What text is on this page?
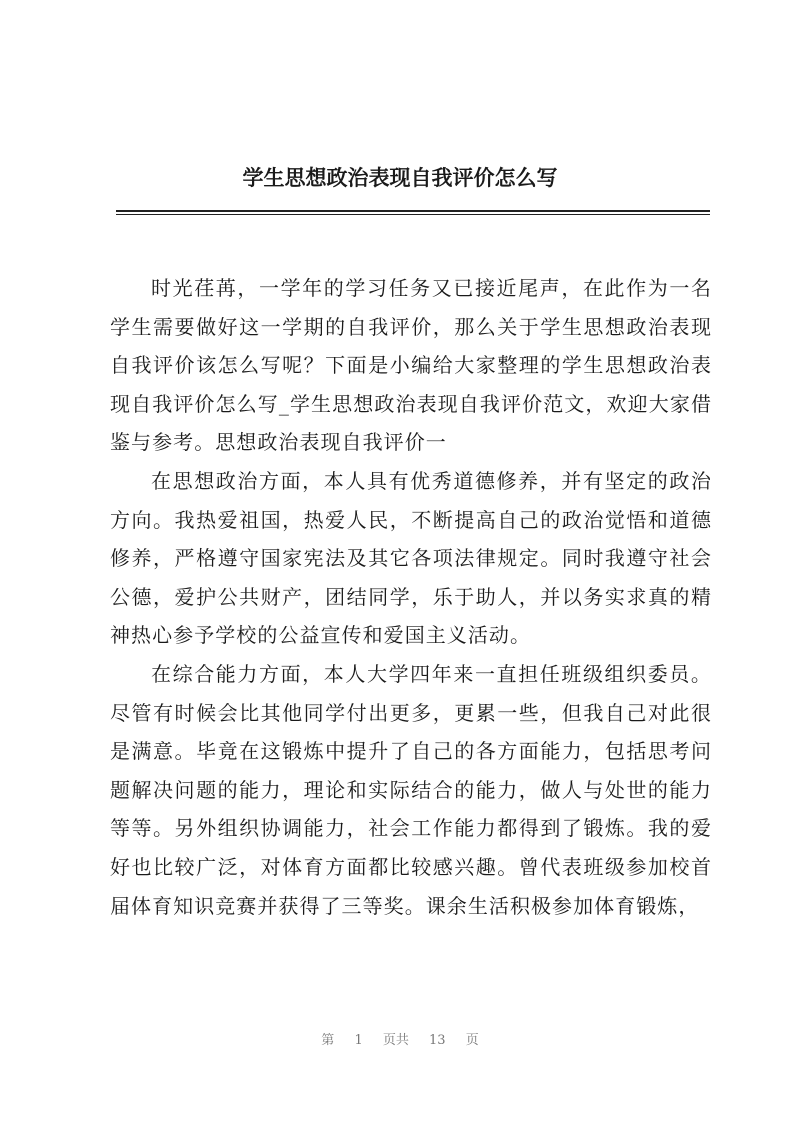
学生思想政治表现自我评价怎么写

时光荏苒，一学年的学习任务又已接近尾声，在此作为一名学生需要做好这一学期的自我评价，那么关于学生思想政治表现自我评价该怎么写呢？下面是小编给大家整理的学生思想政治表现自我评价怎么写_学生思想政治表现自我评价范文，欢迎大家借鉴与参考。思想政治表现自我评价一

在思想政治方面，本人具有优秀道德修养，并有坚定的政治方向。我热爱祖国，热爱人民，不断提高自己的政治觉悟和道德修养，严格遵守国家宪法及其它各项法律规定。同时我遵守社会公德，爱护公共财产，团结同学，乐于助人，并以务实求真的精神热心参予学校的公益宣传和爱国主义活动。

在综合能力方面，本人大学四年来一直担任班级组织委员。尽管有时候会比其他同学付出更多，更累一些，但我自己对此很是满意。毕竟在这锻炼中提升了自己的各方面能力，包括思考问题解决问题的能力，理论和实际结合的能力，做人与处世的能力等等。另外组织协调能力，社会工作能力都得到了锻炼。我的爱好也比较广泛，对体育方面都比较感兴趣。曾代表班级参加校首届体育知识竞赛并获得了三等奖。课余生活积极参加体育锻炼，

第 1 页共 13 页
